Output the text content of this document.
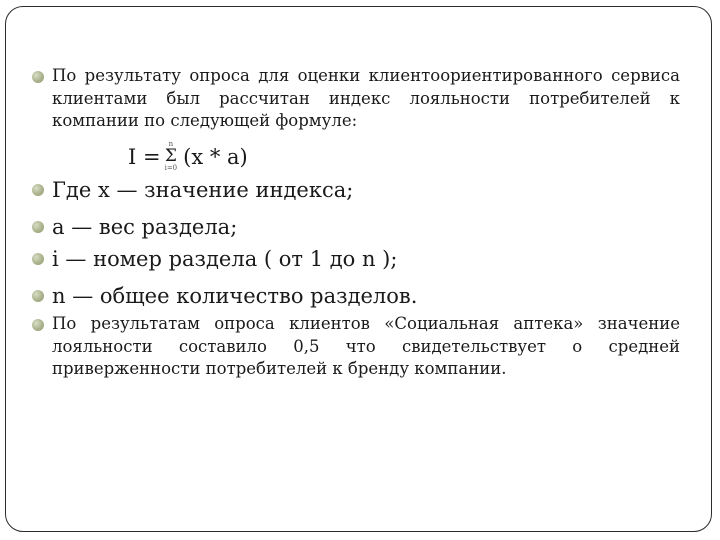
По результату опроса для оценки клиентоориентированного сервиса клиентами был рассчитан индекс лояльности потребителей к компании по следующей формуле:
I =
n
Σ
i=0 (x * a)
Где x — значение индекса;
a — вес раздела;
i — номер раздела ( от 1 до n );
n — общее количество разделов.
По результатам опроса клиентов «Социальная аптека» значение лояльности составило 0,5 что свидетельствует о средней приверженности потребителей к бренду компании.
